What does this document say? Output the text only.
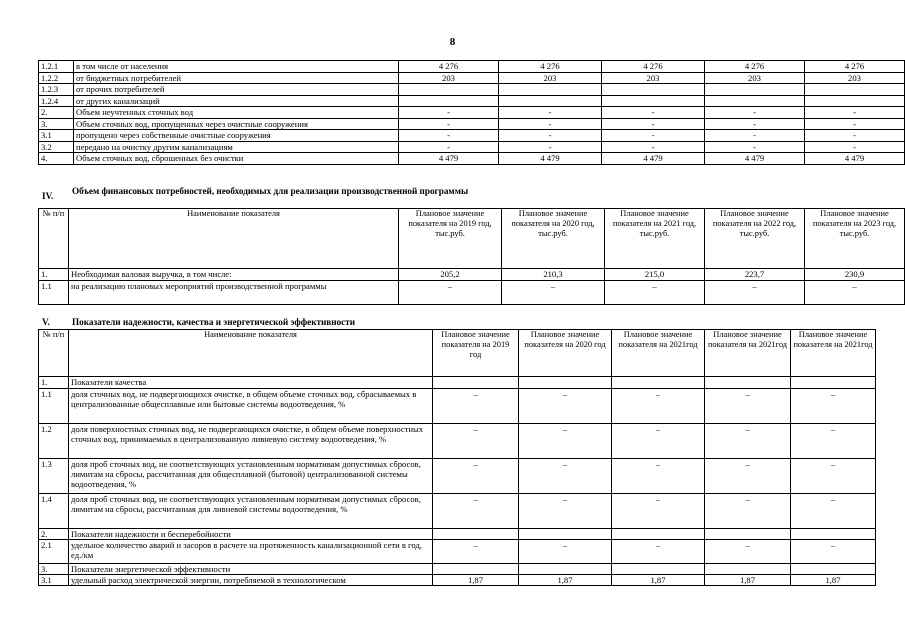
8
1.2.1	в том числе от населения	4 276	4 276	4 276	4 276	4 276
1.2.2	от бюджетных потребителей	203	203	203	203	203
1.2.3	от прочих потребителей					
1.2.4	от других канализаций					
2.	Объем неучтенных сточных вод	-	-	-	-	-
3.	Объем сточных вод, пропущенных через очистные сооружения	-	-	-	-	-
3.1	пропущено через собственные очистные сооружения	-	-	-	-	-
3.2	передано на очистку другим канализациям	-	-	-	-	-
4.	Объем сточных вод, сброшенных без очистки	4 479	4 479	4 479	4 479	4 479
IV. Объем финансовых потребностей, необходимых для реализации производственной программы
№ п/п	Наименование показателя	Плановое значение показателя на 2019 год, тыс.руб.	Плановое значение показателя на 2020 год, тыс.руб.	Плановое значение показателя на 2021 год, тыс.руб.	Плановое значение показателя на 2022 год, тыс.руб.	Плановое значение показателя на 2023 год, тыс.руб.
1.	Необходимая валовая выручка, в том числе:	205,2	210,3	215,0	223,7	230,9
1.1	на реализацию плановых мероприятий производственной программы	–	–	–	–	–
V. Показатели надежности, качества и энергетической эффективности
№ п/п	Наименование показателя	Плановое значение показателя на 2019 год	Плановое значение показателя на 2020 год	Плановое значение показателя на 2021год	Плановое значение показателя на 2021год	Плановое значение показателя на 2021год
1.	Показатели качества					
1.1	доля сточных вод, не подвергающихся очистке, в общем объеме сточных вод, сбрасываемых в централизованные общесплавные или бытовые системы водоотведения, %	–	–	–	–	–
1.2	доля поверхностных сточных вод, не подвергающихся очистке, в общем объеме поверхностных сточных вод, принимаемых в централизованную ливневую систему водоотведения, %	–	–	–	–	–
1.3	доля проб сточных вод, не соответствующих установленным нормативам допустимых сбросов, лимитам на сбросы, рассчитанная для общесплавной (бытовой) централизованной системы водоотведения, %	–	–	–	–	–
1.4	доля проб сточных вод, не соответствующих установленным нормативам допустимых сбросов, лимитам на сбросы, рассчитанная для ливневой системы водоотведения, %	–	–	–	–	–
2.	Показатели надежности и бесперебойности					
2.1	удельное количество аварий и засоров в расчете на протяженность канализационной сети в год, ед./км	–	–	–	–	–
3.	Показатели энергетической эффективности					
3.1	удельный расход электрической энергии, потребляемой в технологическом	1,87	1,87	1,87	1,87	1,87
